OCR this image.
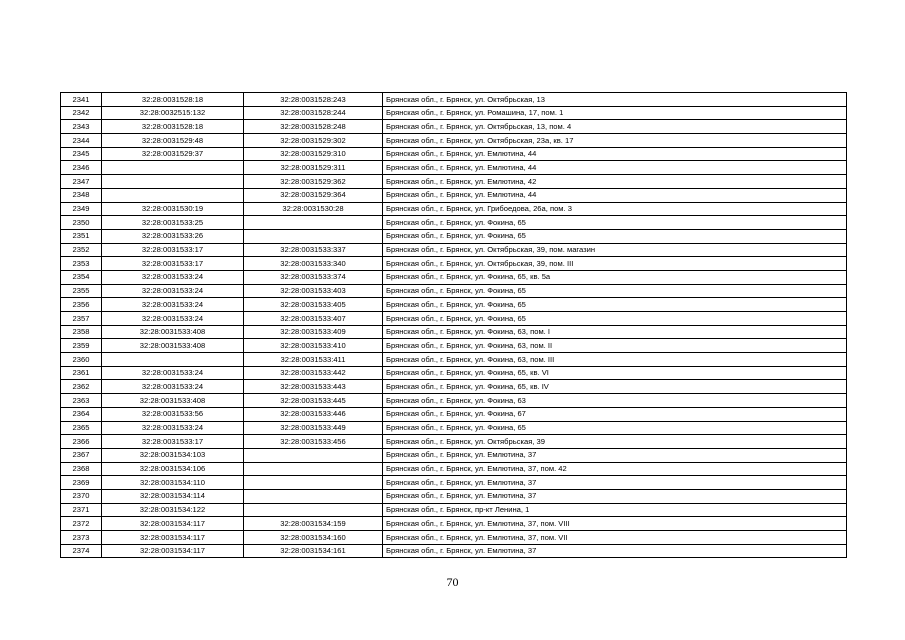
2341	32:28:0031528:18	32:28:0031528:243	Брянская обл., г. Брянск, ул. Октябрьская, 13
2342	32:28:0032515:132	32:28:0031528:244	Брянская обл., г. Брянск, ул. Ромашина, 17, пом. 1
2343	32:28:0031528:18	32:28:0031528:248	Брянская обл., г. Брянск, ул. Октябрьская, 13, пом. 4
2344	32:28:0031529:48	32:28:0031529:302	Брянская обл., г. Брянск, ул. Октябрьская, 23а, кв. 17
2345	32:28:0031529:37	32:28:0031529:310	Брянская обл., г. Брянск, ул. Емлютина, 44
2346		32:28:0031529:311	Брянская обл., г. Брянск, ул. Емлютина, 44
2347		32:28:0031529:362	Брянская обл., г. Брянск, ул. Емлютина, 42
2348		32:28:0031529:364	Брянская обл., г. Брянск, ул. Емлютина, 44
2349	32:28:0031530:19	32:28:0031530:28	Брянская обл., г. Брянск, ул. Грибоедова, 26а, пом. 3
2350	32:28:0031533:25		Брянская обл., г. Брянск, ул. Фокина, 65
2351	32:28:0031533:26		Брянская обл., г. Брянск, ул. Фокина, 65
2352	32:28:0031533:17	32:28:0031533:337	Брянская обл., г. Брянск, ул. Октябрьская, 39, пом. магазин
2353	32:28:0031533:17	32:28:0031533:340	Брянская обл., г. Брянск, ул. Октябрьская, 39, пом. III
2354	32:28:0031533:24	32:28:0031533:374	Брянская обл., г. Брянск, ул. Фокина, 65, кв. 5а
2355	32:28:0031533:24	32:28:0031533:403	Брянская обл., г. Брянск, ул. Фокина, 65
2356	32:28:0031533:24	32:28:0031533:405	Брянская обл., г. Брянск, ул. Фокина, 65
2357	32:28:0031533:24	32:28:0031533:407	Брянская обл., г. Брянск, ул. Фокина, 65
2358	32:28:0031533:408	32:28:0031533:409	Брянская обл., г. Брянск, ул. Фокина, 63, пом. I
2359	32:28:0031533:408	32:28:0031533:410	Брянская обл., г. Брянск, ул. Фокина, 63, пом. II
2360		32:28:0031533:411	Брянская обл., г. Брянск, ул. Фокина, 63, пом. III
2361	32:28:0031533:24	32:28:0031533:442	Брянская обл., г. Брянск, ул. Фокина, 65, кв. VI
2362	32:28:0031533:24	32:28:0031533:443	Брянская обл., г. Брянск, ул. Фокина, 65, кв. IV
2363	32:28:0031533:408	32:28:0031533:445	Брянская обл., г. Брянск, ул. Фокина, 63
2364	32:28:0031533:56	32:28:0031533:446	Брянская обл., г. Брянск, ул. Фокина, 67
2365	32:28:0031533:24	32:28:0031533:449	Брянская обл., г. Брянск, ул. Фокина, 65
2366	32:28:0031533:17	32:28:0031533:456	Брянская обл., г. Брянск, ул. Октябрьская, 39
2367	32:28:0031534:103		Брянская обл., г. Брянск, ул. Емлютина, 37
2368	32:28:0031534:106		Брянская обл., г. Брянск, ул. Емлютина, 37, пом. 42
2369	32:28:0031534:110		Брянская обл., г. Брянск, ул. Емлютина, 37
2370	32:28:0031534:114		Брянская обл., г. Брянск, ул. Емлютина, 37
2371	32:28:0031534:122		Брянская обл., г. Брянск, пр-кт Ленина, 1
2372	32:28:0031534:117	32:28:0031534:159	Брянская обл., г. Брянск, ул. Емлютина, 37, пом. VIII
2373	32:28:0031534:117	32:28:0031534:160	Брянская обл., г. Брянск, ул. Емлютина, 37, пом. VII
2374	32:28:0031534:117	32:28:0031534:161	Брянская обл., г. Брянск, ул. Емлютина, 37
70
